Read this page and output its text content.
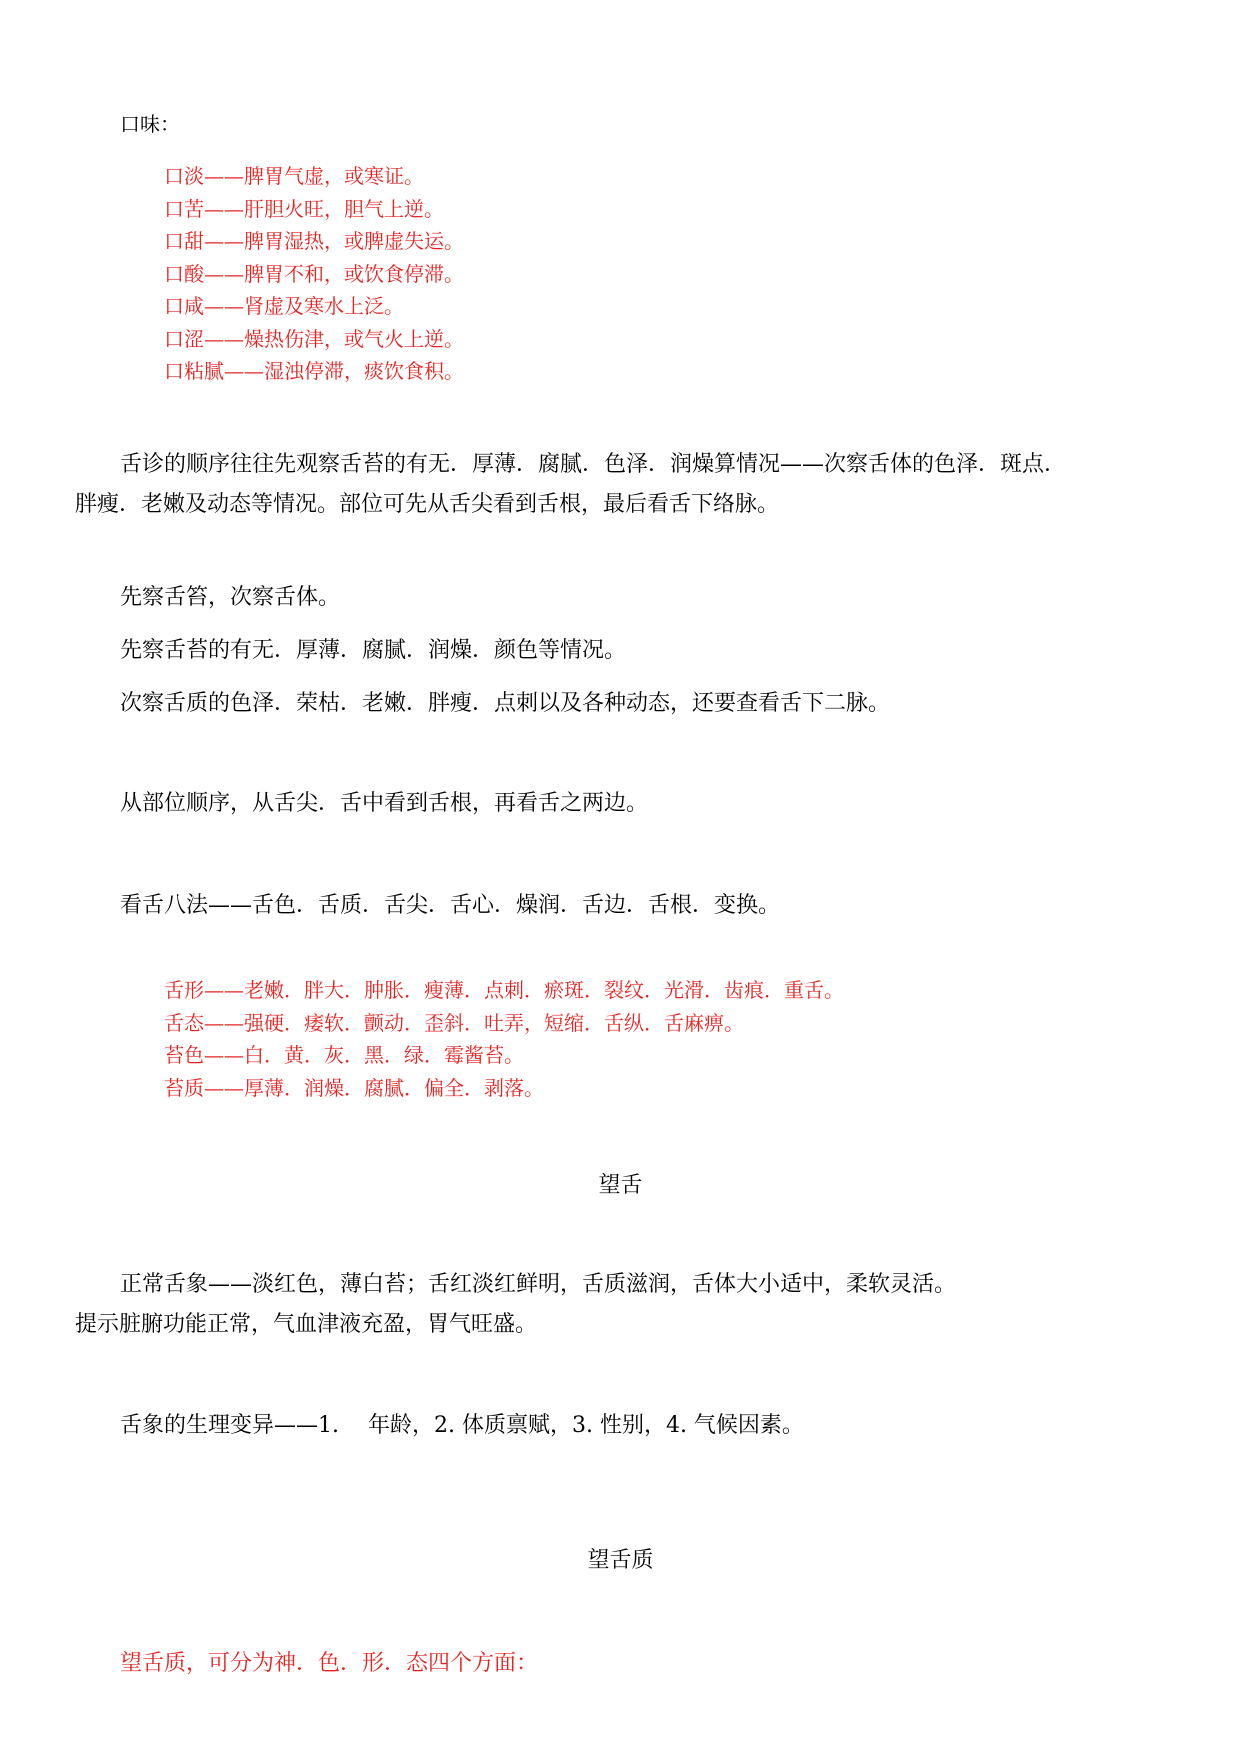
口味：
口淡——脾胃气虚，或寒证。
口苦——肝胆火旺，胆气上逆。
口甜——脾胃湿热，或脾虚失运。
口酸——脾胃不和，或饮食停滞。
口咸——肾虚及寒水上泛。
口涩——燥热伤津，或气火上逆。
口粘腻——湿浊停滞，痰饮食积。
舌诊的顺序往往先观察舌苔的有无．厚薄．腐腻．色泽．润燥算情况——次察舌体的色泽．斑点．
胖瘦．老嫩及动态等情况。部位可先从舌尖看到舌根，最后看舌下络脉。
先察舌笞，次察舌体。
先察舌苔的有无．厚薄．腐腻．润燥．颜色等情况。
次察舌质的色泽．荣枯．老嫩．胖瘦．点刺以及各种动态，还要查看舌下二脉。
从部位顺序，从舌尖．舌中看到舌根，再看舌之两边。
看舌八法——舌色．舌质．舌尖．舌心．燥润．舌边．舌根．变换。
舌形——老嫩．胖大．肿胀．瘦薄．点刺．瘀斑．裂纹．光滑．齿痕．重舌。
舌态——强硬．痿软．颤动．歪斜．吐弄，短缩．舌纵．舌麻痹。
苔色——白．黄．灰．黑．绿．霉酱苔。
苔质——厚薄．润燥．腐腻．偏全．剥落。
望舌
正常舌象——淡红色，薄白苔；舌红淡红鲜明，舌质滋润，舌体大小适中，柔软灵活。
提示脏腑功能正常，气血津液充盈，胃气旺盛。
舌象的生理变异——1.　 年龄，2. 体质禀赋，3. 性别，4. 气候因素。
望舌质
望舌质，可分为神．色．形．态四个方面：
